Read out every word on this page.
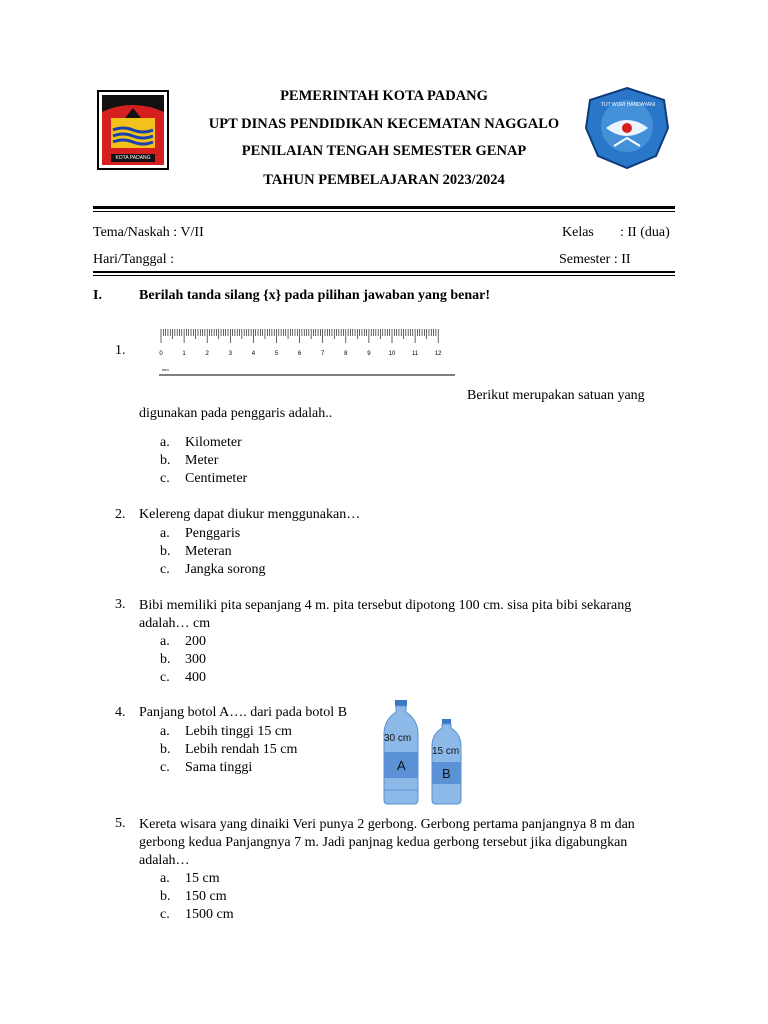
KOTA PADANG
TUT WURI HANDAYANI
PEMERINTAH KOTA PADANG
UPT DINAS PENDIDIKAN KECEMATAN NAGGALO
PENILAIAN TENGAH SEMESTER GENAP
TAHUN PEMBELAJARAN 2023/2024
Tema/Naskah : V/II	Kelas : II (dua)
Hari/Tanggal :	Semester : II
I.	Berilah tanda silang {x} pada pilihan jawaban yang benar!
1.	0	1	2	3	4	5	6	7	8	9	10	11	12
mm
Berikut merupakan satuan yang
digunakan pada penggaris adalah..
a. Kilometer
b. Meter
c. Centimeter
2. Kelereng dapat diukur menggunakan…
a. Penggaris
b. Meteran
c. Jangka sorong
3. Bibi memiliki pita sepanjang 4 m. pita tersebut dipotong 100 cm. sisa pita bibi sekarang adalah… cm
a. 200
b. 300
c. 400
4. Panjang botol A…. dari pada botol B
a. Lebih tinggi 15 cm
b. Lebih rendah 15 cm
c. Sama tinggi
30 cm
A
15 cm
B
5. Kereta wisara yang dinaiki Veri punya 2 gerbong. Gerbong pertama panjangnya 8 m dan gerbong kedua Panjangnya 7 m. Jadi panjnag kedua gerbong tersebut jika digabungkan adalah…
a. 15 cm
b. 150 cm
c. 1500 cm
